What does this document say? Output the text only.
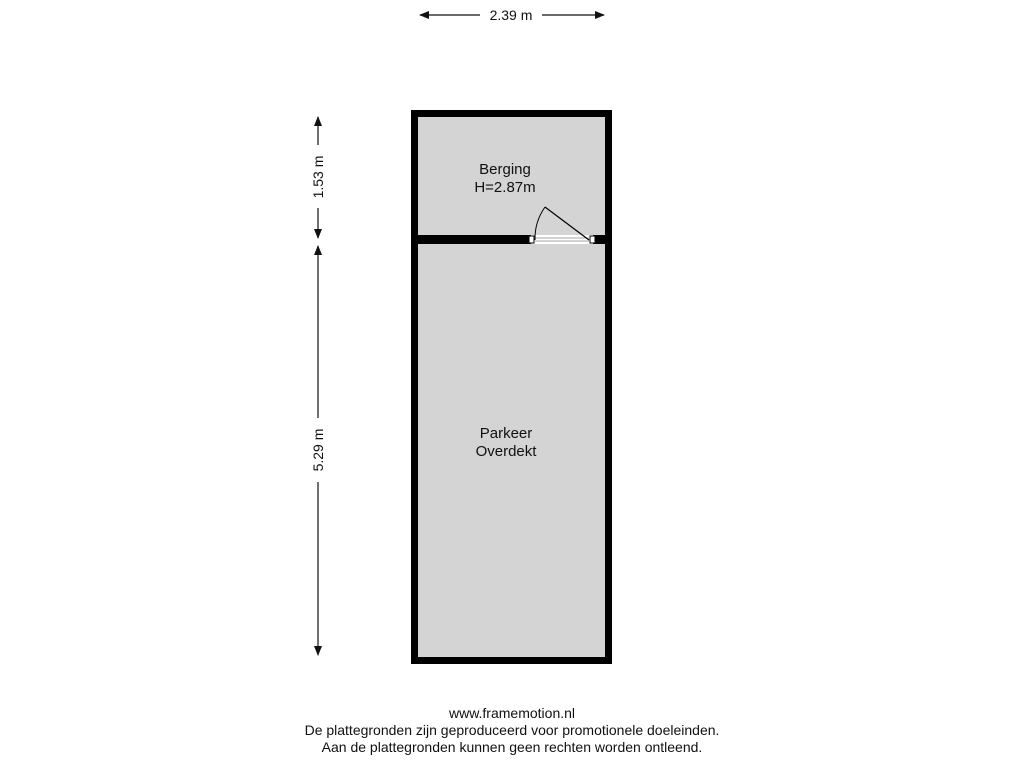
2.39 m
1.53 m
5.29 m
Berging
H=2.87m
Parkeer
Overdekt
www.framemotion.nl
De plattegronden zijn geproduceerd voor promotionele doeleinden.
Aan de plattegronden kunnen geen rechten worden ontleend.
